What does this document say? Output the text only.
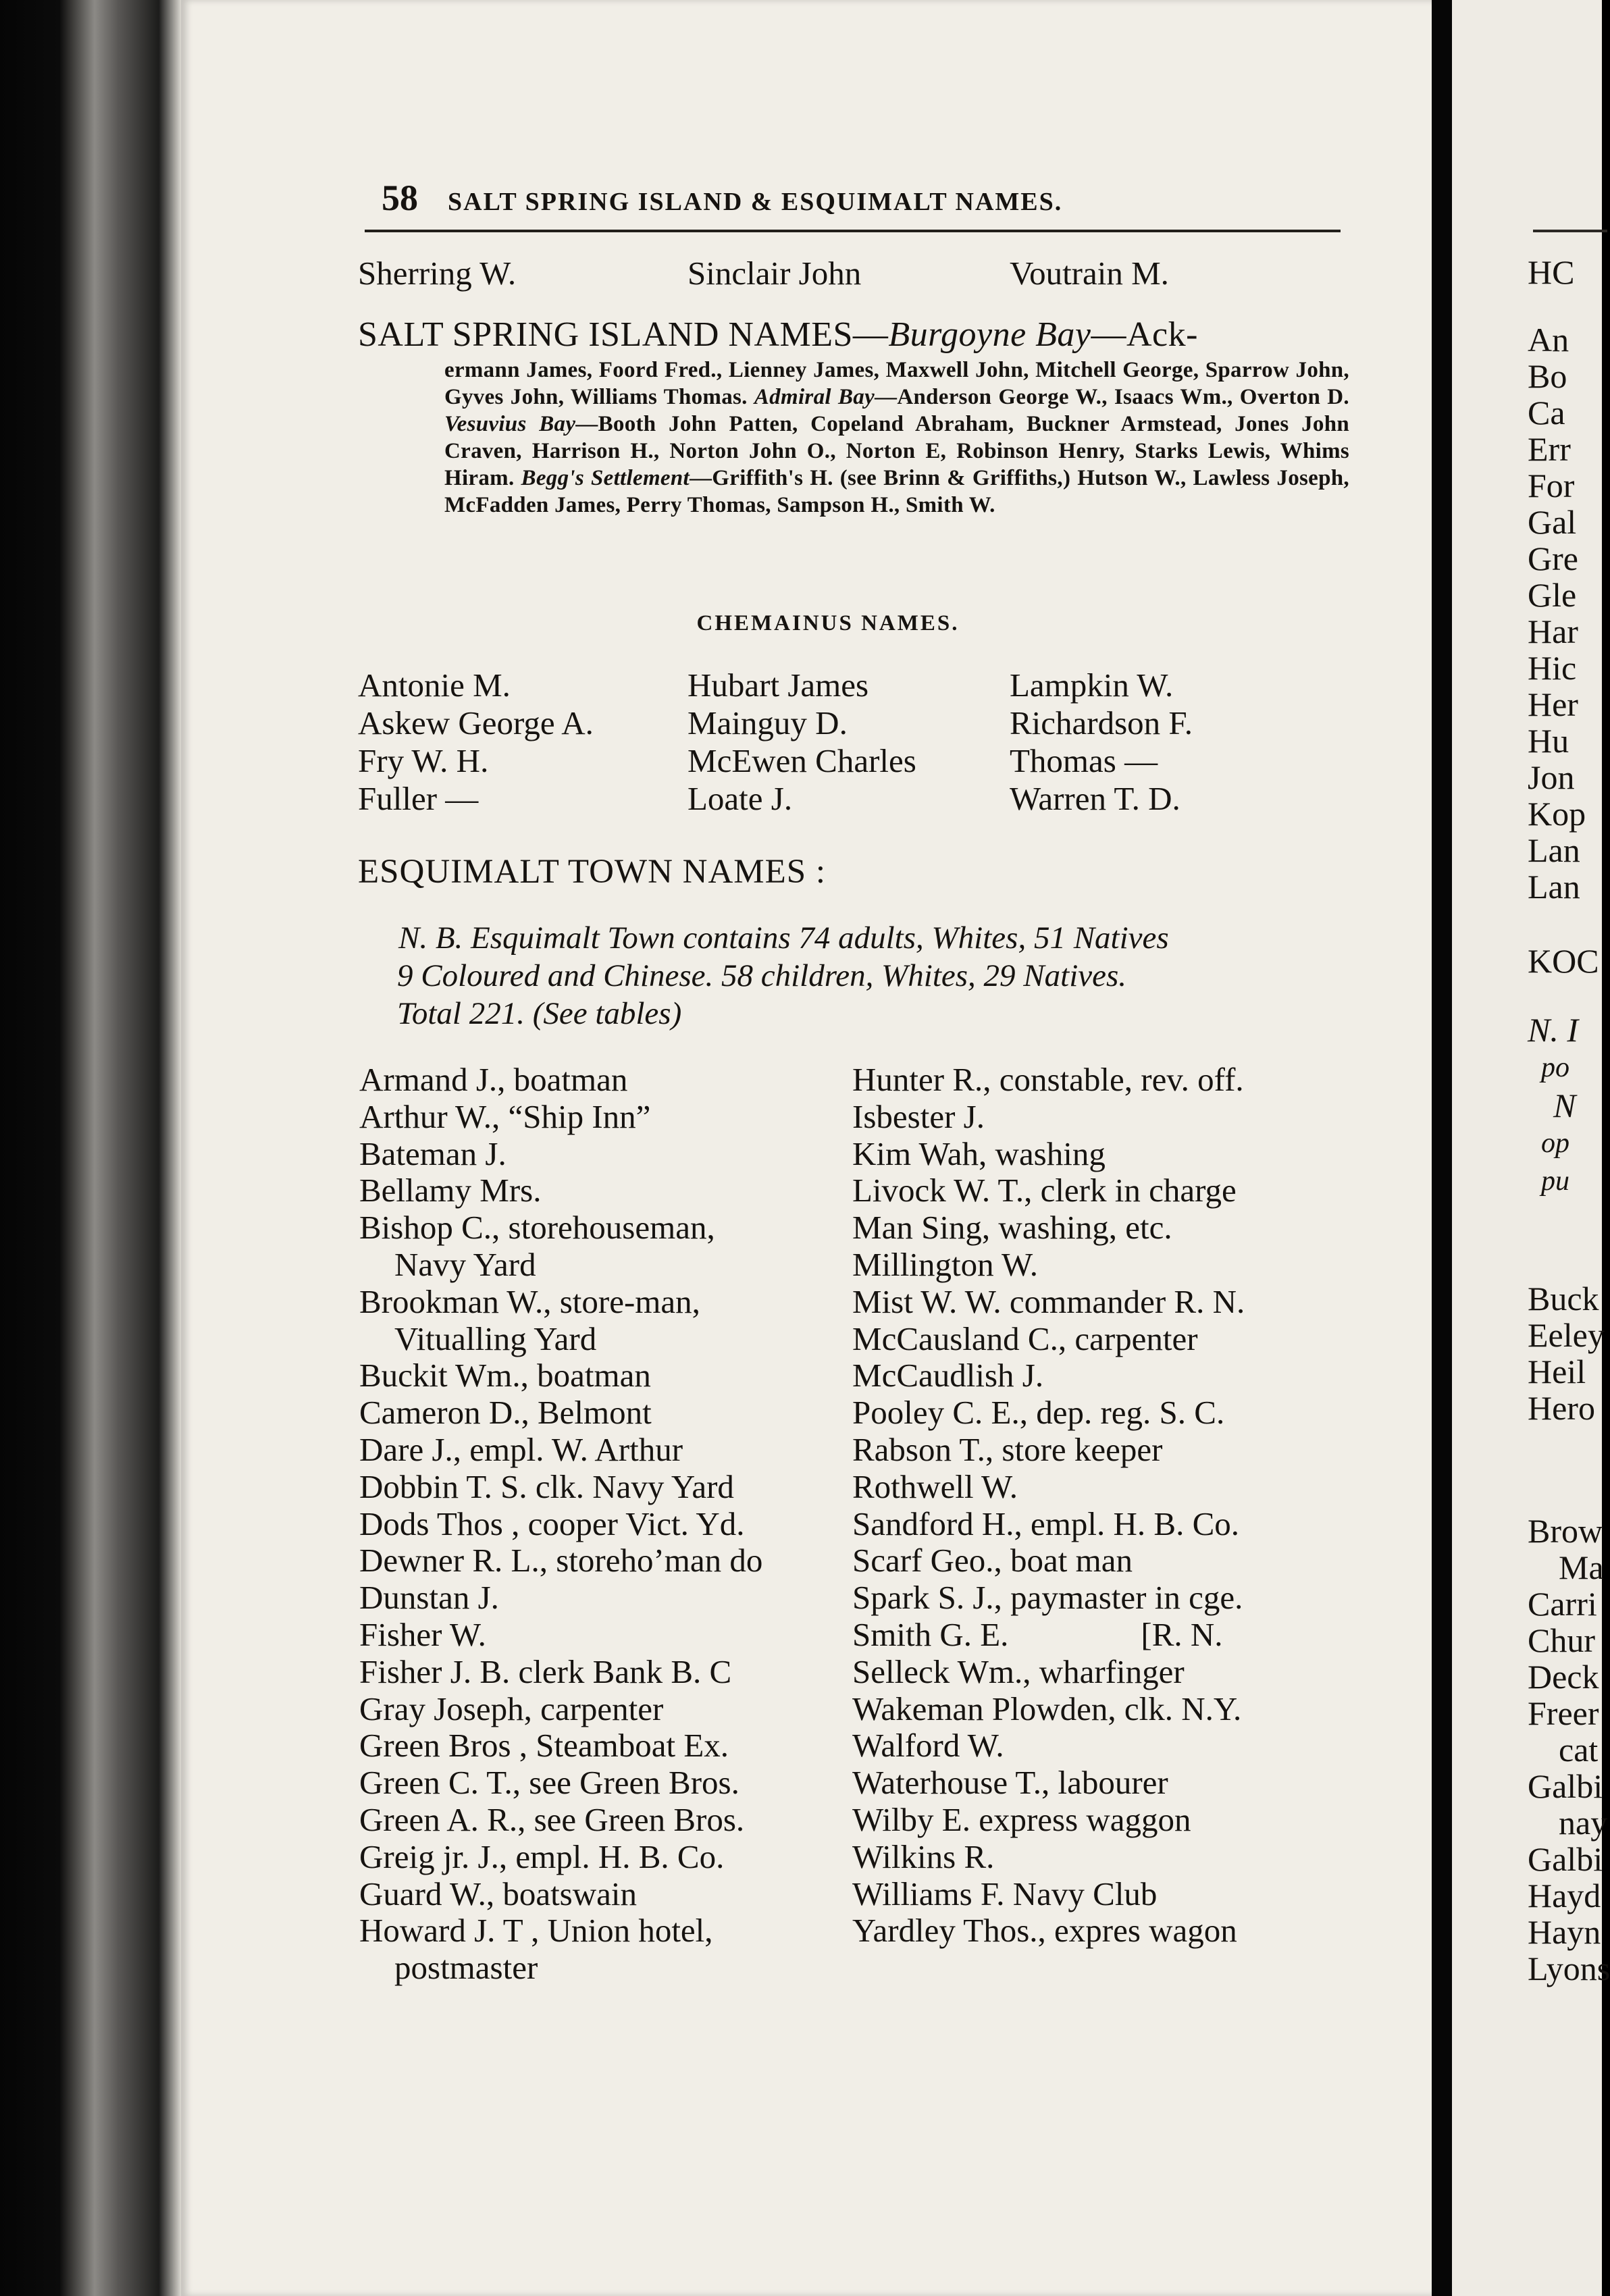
58 SALT SPRING ISLAND & ESQUIMALT NAMES.
Sherring W.	Sinclair John	Voutrain M.
SALT SPRING ISLAND NAMES—Burgoyne Bay—Ack-
ermann James, Foord Fred., Lienney James, Maxwell John, Mitchell George, Sparrow John, Gyves John, Williams Thomas. Admiral Bay—Anderson George W., Isaacs Wm., Overton D. Vesuvius Bay—Booth John Patten, Copeland Abraham, Buckner Armstead, Jones John Craven, Harrison H., Norton John O., Norton E, Robinson Henry, Starks Lewis, Whims Hiram. Begg's Settlement—Griffith's H. (see Brinn & Griffiths,) Hutson W., Lawless Joseph, McFadden James, Perry Thomas, Sampson H., Smith W.
CHEMAINUS NAMES.
Antonie M.	Hubart James	Lampkin W.
Askew George A.	Mainguy D.	Richardson F.
Fry W. H.	McEwen Charles	Thomas —
Fuller —	Loate J.	Warren T. D.
ESQUIMALT TOWN NAMES :
N. B. Esquimalt Town contains 74 adults, Whites, 51 Natives
9 Coloured and Chinese. 58 children, Whites, 29 Natives.
Total 221. (See tables)
Armand J., boatman
Arthur W., “Ship Inn”
Bateman J.
Bellamy Mrs.
Bishop C., storehouseman,
Navy Yard
Brookman W., store-man,
Vitualling Yard
Buckit Wm., boatman
Cameron D., Belmont
Dare J., empl. W. Arthur
Dobbin T. S. clk. Navy Yard
Dods Thos , cooper Vict. Yd.
Dewner R. L., storeho’man do
Dunstan J.
Fisher W.
Fisher J. B. clerk Bank B. C
Gray Joseph, carpenter
Green Bros , Steamboat Ex.
Green C. T., see Green Bros.
Green A. R., see Green Bros.
Greig jr. J., empl. H. B. Co.
Guard W., boatswain
Howard J. T , Union hotel,
postmaster
Hunter R., constable, rev. off.
Isbester J.
Kim Wah, washing
Livock W. T., clerk in charge
Man Sing, washing, etc.
Millington W.
Mist W. W. commander R. N.
McCausland C., carpenter
McCaudlish J.
Pooley C. E., dep. reg. S. C.
Rabson T., store keeper
Rothwell W.
Sandford H., empl. H. B. Co.
Scarf Geo., boat man
Spark S. J., paymaster in cge.
Smith G. E.                [R. N.
Selleck Wm., wharfinger
Wakeman Plowden, clk. N.Y.
Walford W.
Waterhouse T., labourer
Wilby E. express waggon
Wilkins R.
Williams F. Navy Club
Yardley Thos., expres wagon
HC
An
Bo
Ca
Err
For
Gal
Gre
Gle
Har
Hic
Her
Hu
Jon
Kop
Lan
Lan
KOC
N. I
po
N
op
pu
Buck
Eeley
Heil
Hero
Brow
Ma
Carri
Chur
Deck
Freer
cat
Galbi
nay
Galbi
Hayd
Hayn
Lyons
